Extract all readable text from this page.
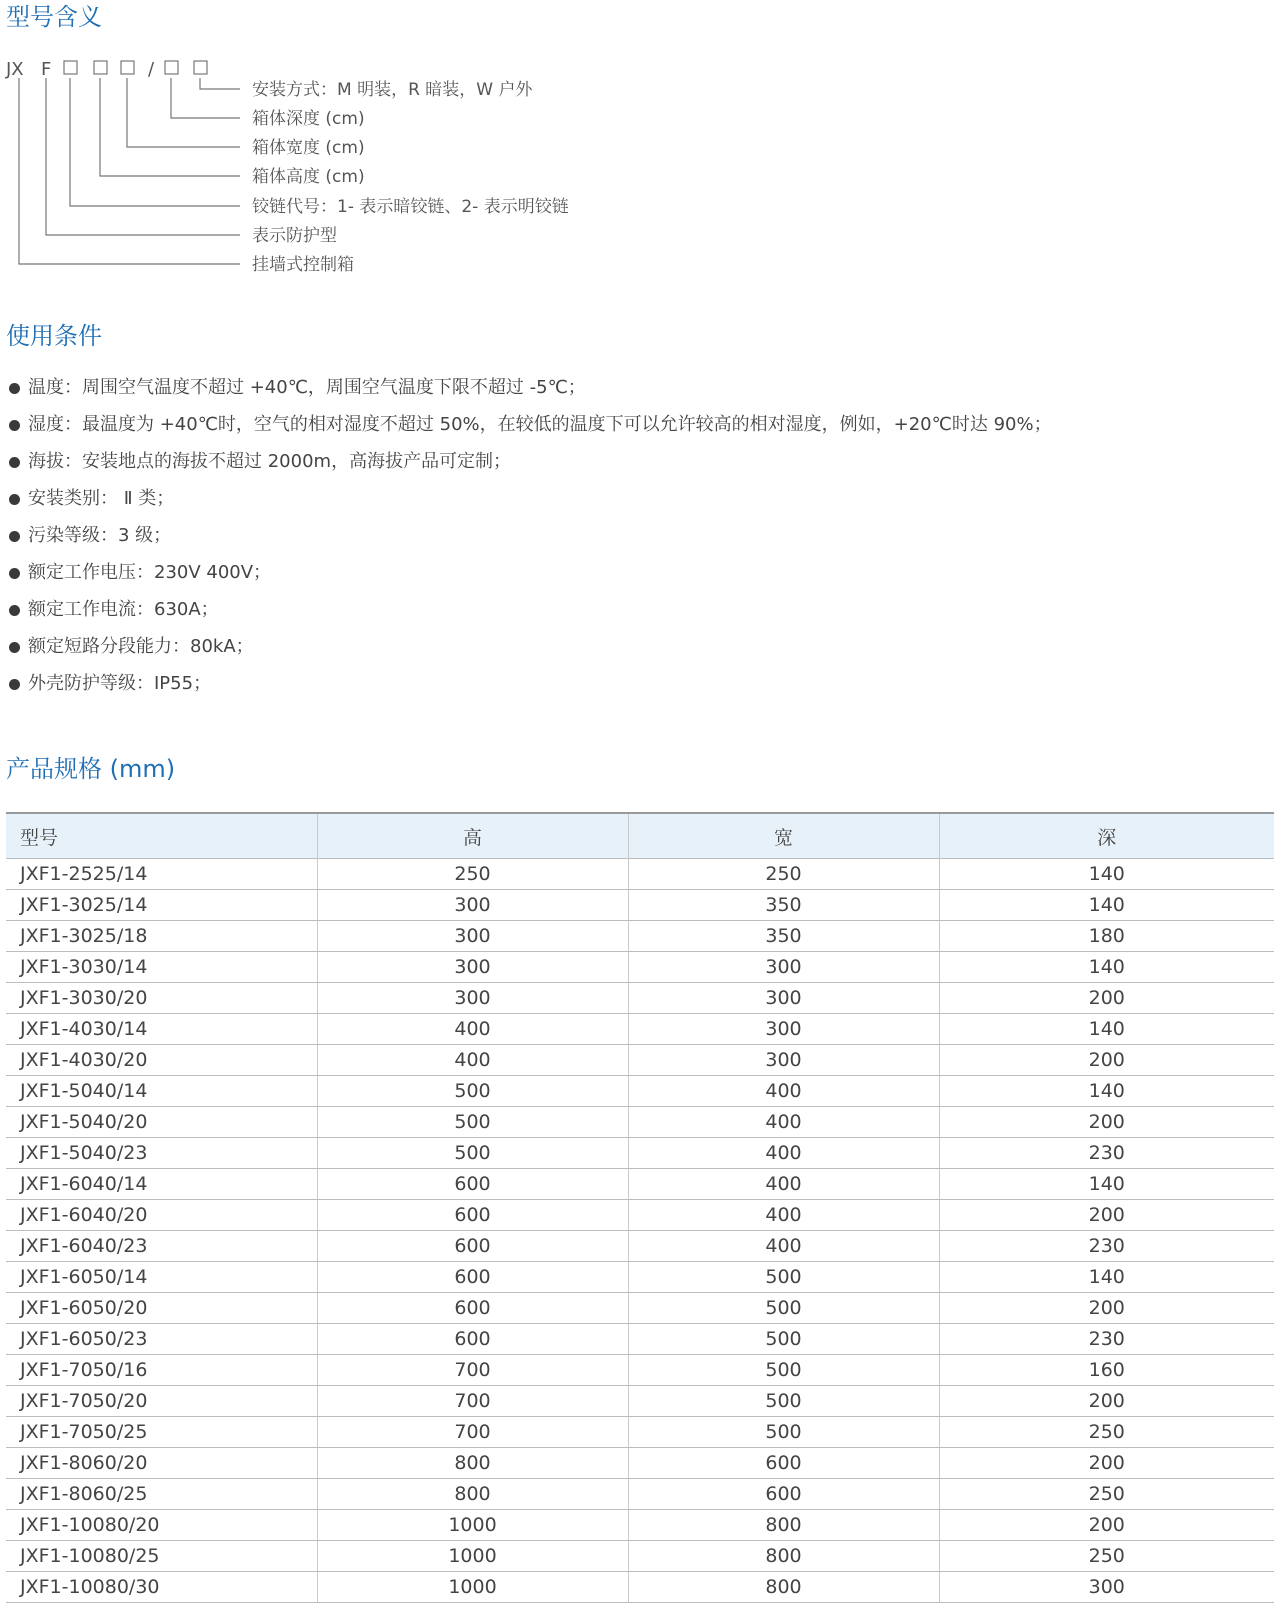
型号含义
JX F	/
安装方式：M 明装，R 暗装，W 户外
箱体深度 (cm)
箱体宽度 (cm)
箱体高度 (cm)
铰链代号：1- 表示暗铰链、2- 表示明铰链
表示防护型
挂墙式控制箱
使用条件
温度：周围空气温度不超过 +40℃，周围空气温度下限不超过 -5℃；
湿度：最温度为 +40℃时，空气的相对湿度不超过 50%，在较低的温度下可以允许较高的相对湿度，例如，+20℃时达 90%；
海拔：安装地点的海拔不超过 2000m，高海拔产品可定制；
安装类别： Ⅱ 类；
污染等级：3 级；
额定工作电压：230V 400V；
额定工作电流：630A；
额定短路分段能力：80kA；
外壳防护等级：IP55；
产品规格 (mm)
型号	高	宽	深
JXF1-2525/14	250	250	140
JXF1-3025/14	300	350	140
JXF1-3025/18	300	350	180
JXF1-3030/14	300	300	140
JXF1-3030/20	300	300	200
JXF1-4030/14	400	300	140
JXF1-4030/20	400	300	200
JXF1-5040/14	500	400	140
JXF1-5040/20	500	400	200
JXF1-5040/23	500	400	230
JXF1-6040/14	600	400	140
JXF1-6040/20	600	400	200
JXF1-6040/23	600	400	230
JXF1-6050/14	600	500	140
JXF1-6050/20	600	500	200
JXF1-6050/23	600	500	230
JXF1-7050/16	700	500	160
JXF1-7050/20	700	500	200
JXF1-7050/25	700	500	250
JXF1-8060/20	800	600	200
JXF1-8060/25	800	600	250
JXF1-10080/20	1000	800	200
JXF1-10080/25	1000	800	250
JXF1-10080/30	1000	800	300
